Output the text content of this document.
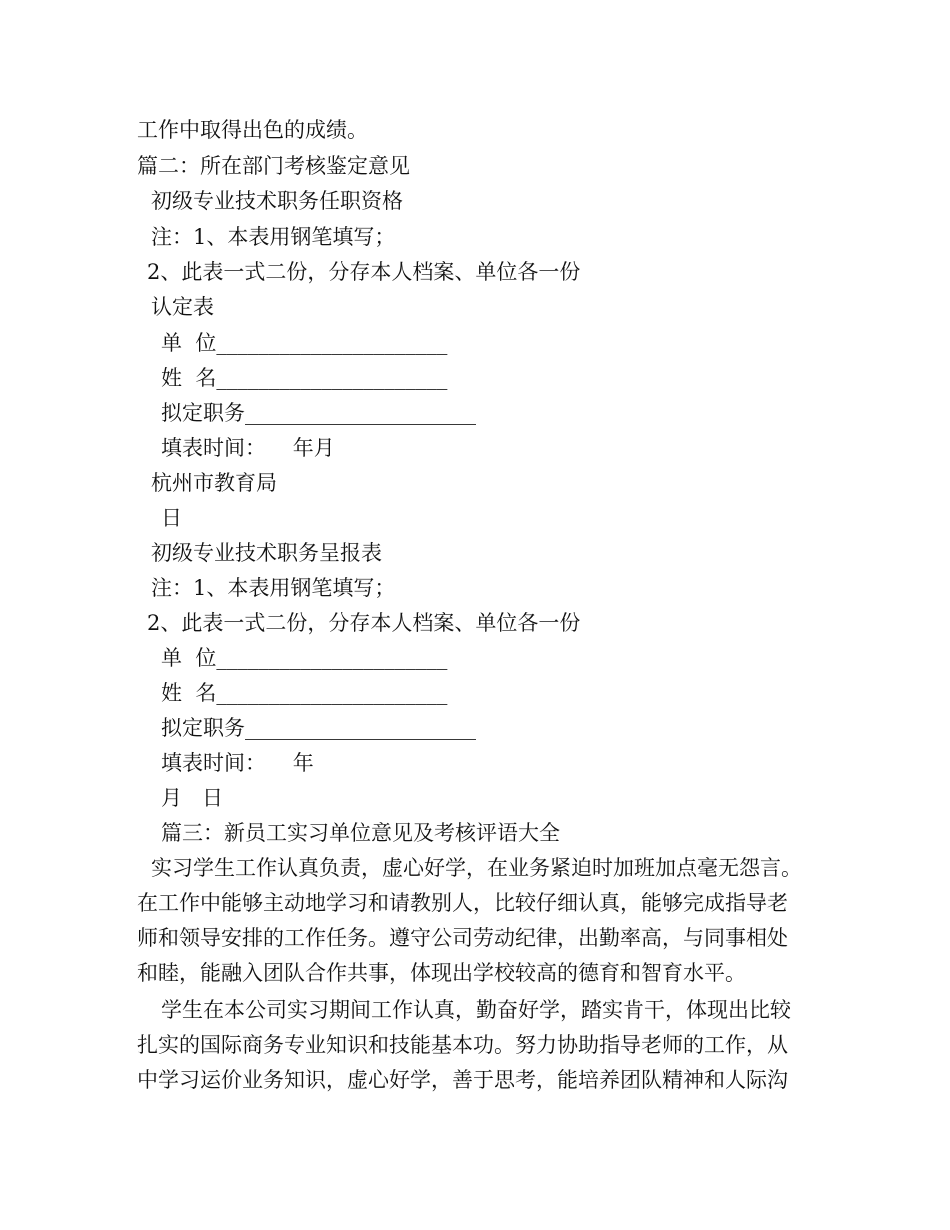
工作中取得出色的成绩。
篇二：所在部门考核鉴定意见
初级专业技术职务任职资格
注：1、本表用钢笔填写；
2、此表一式二份，分存本人档案、单位各一份
认定表
单  位______________________
姓  名______________________
拟定职务______________________
填表时间：    年月
杭州市教育局
日
初级专业技术职务呈报表
注：1、本表用钢笔填写；
2、此表一式二份，分存本人档案、单位各一份
单  位______________________
姓  名______________________
拟定职务______________________
填表时间：    年
月   日
篇三：新员工实习单位意见及考核评语大全
实习学生工作认真负责，虚心好学，在业务紧迫时加班加点毫无怨言。
在工作中能够主动地学习和请教别人，比较仔细认真，能够完成指导老
师和领导安排的工作任务。遵守公司劳动纪律，出勤率高，与同事相处
和睦，能融入团队合作共事，体现出学校较高的德育和智育水平。
学生在本公司实习期间工作认真，勤奋好学，踏实肯干，体现出比较
扎实的国际商务专业知识和技能基本功。努力协助指导老师的工作，从
中学习运价业务知识，虚心好学，善于思考，能培养团队精神和人际沟
